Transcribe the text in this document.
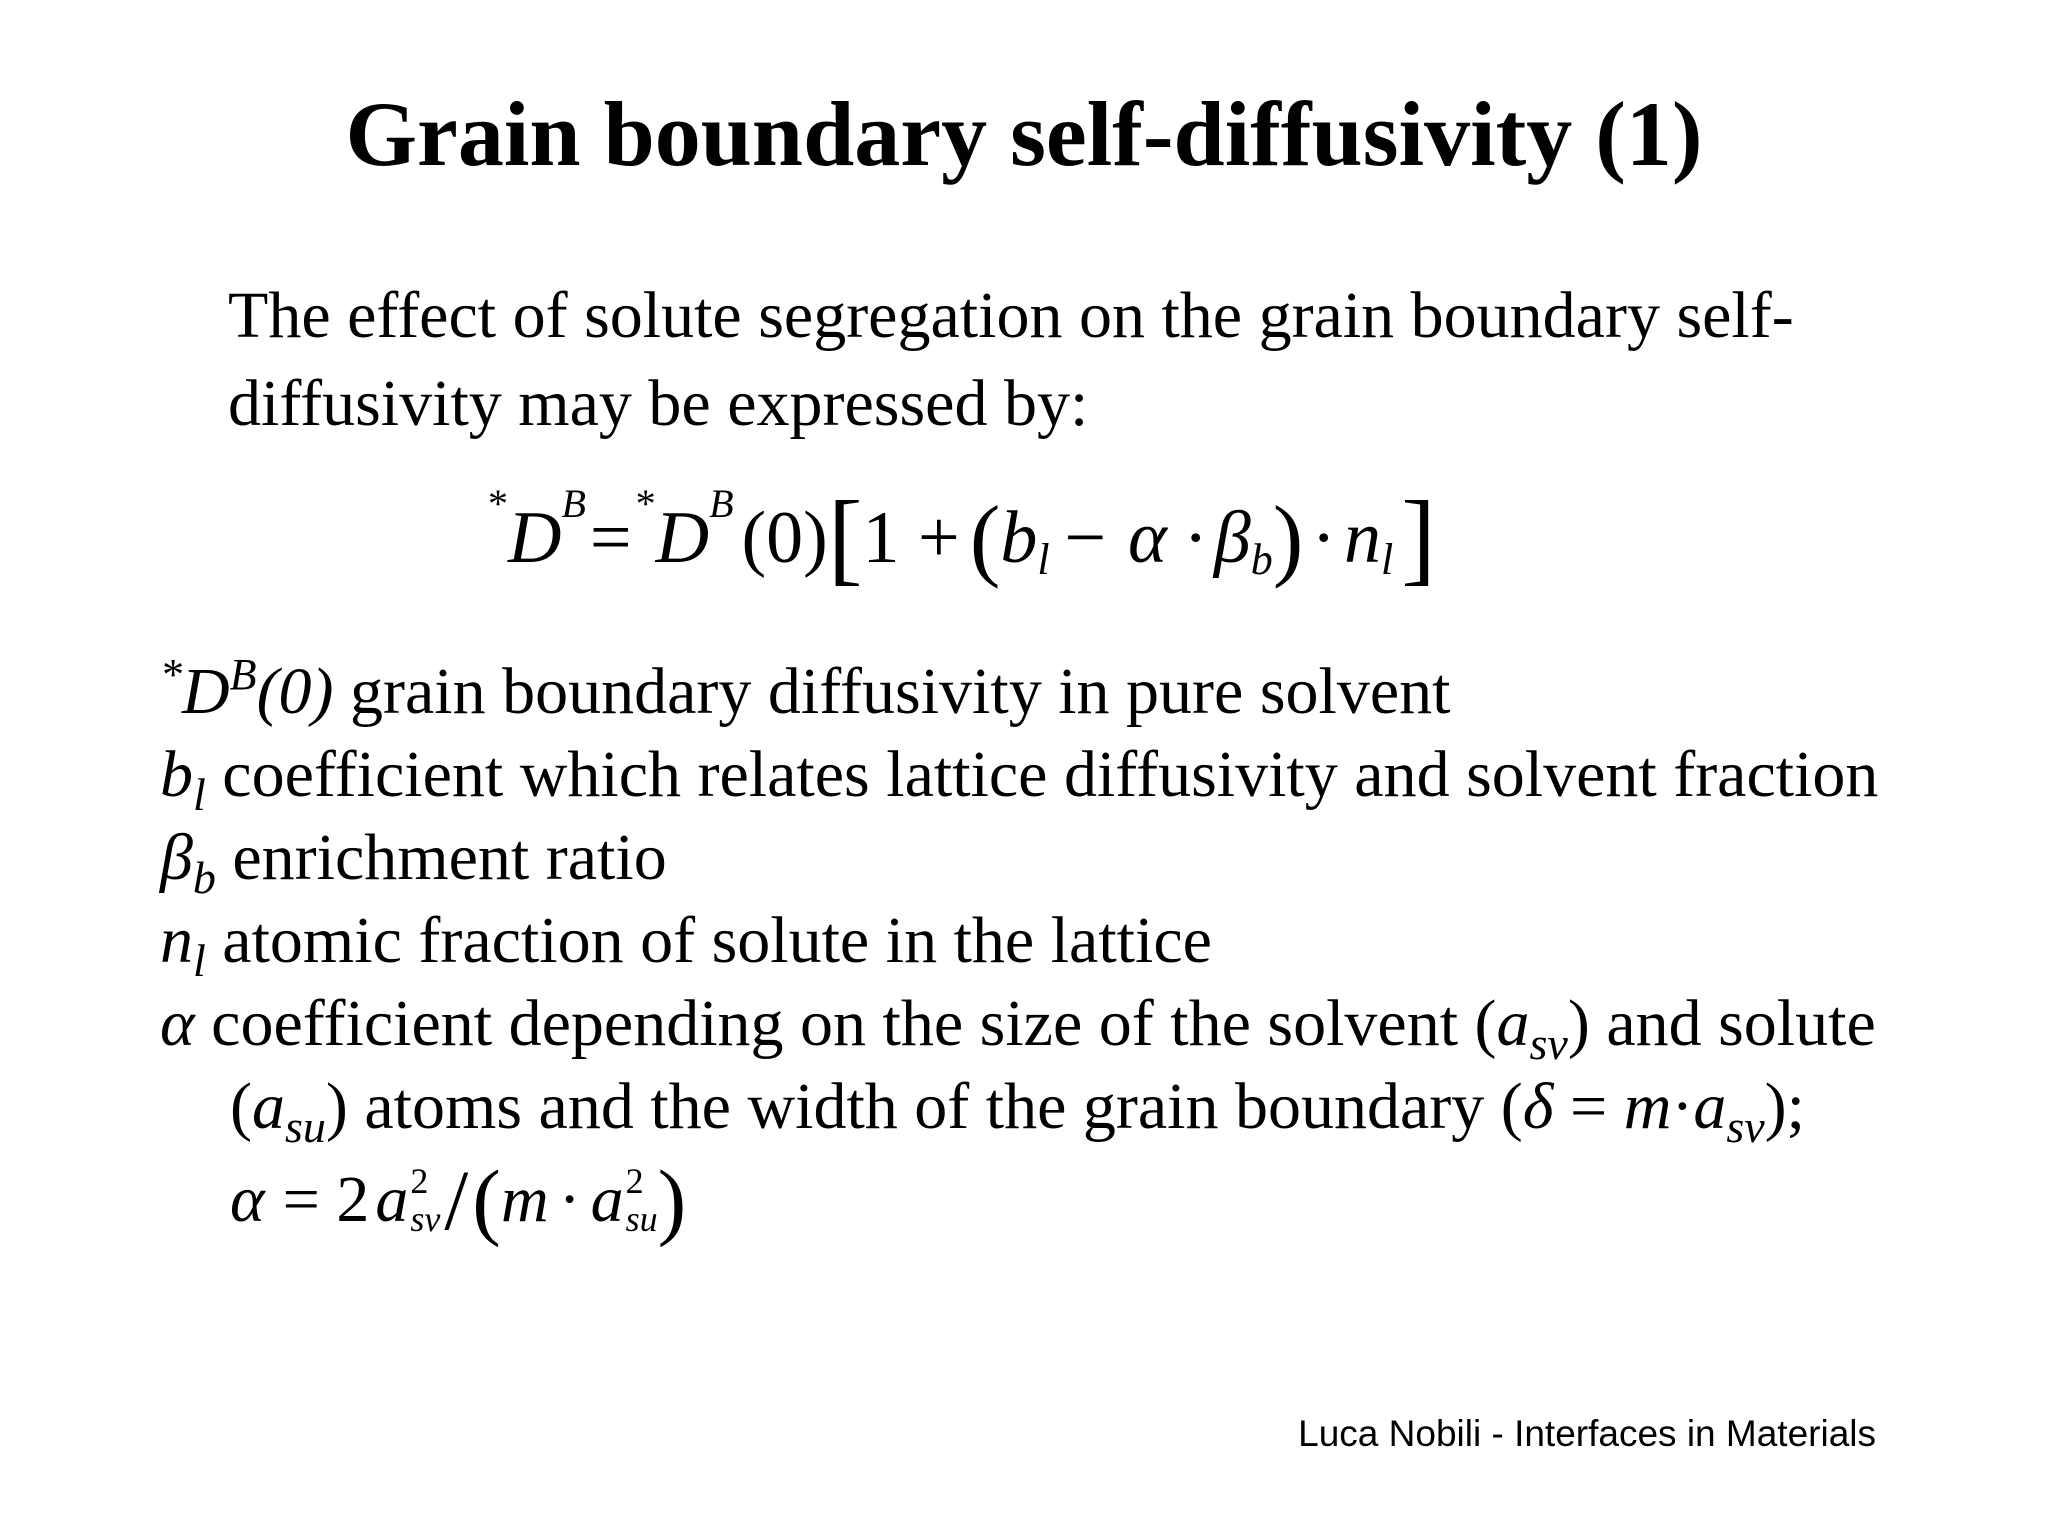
Grain boundary self-diffusivity (1)
The effect of solute segregation on the grain boundary self-
diffusivity may be expressed by:
* D B = * D B (0) [ 1 + ( b l − α · β b ) · n l ]
$^*D^B(0)$ grain boundary diffusivity in pure solvent
$b_l$ coefficient which relates lattice diffusivity and solvent fraction
$\beta_b$ enrichment ratio
$n_l$ atomic fraction of solute in the lattice
α coefficient depending on the size of the solvent $(a_{sv})$ and solute
$(a_{su})$ atoms and the width of the grain boundary $(\delta = m\cdot a_{sv})$;
α = 2 a 2
sv / ( m · a 2
su )
Luca Nobili - Interfaces in Materials
